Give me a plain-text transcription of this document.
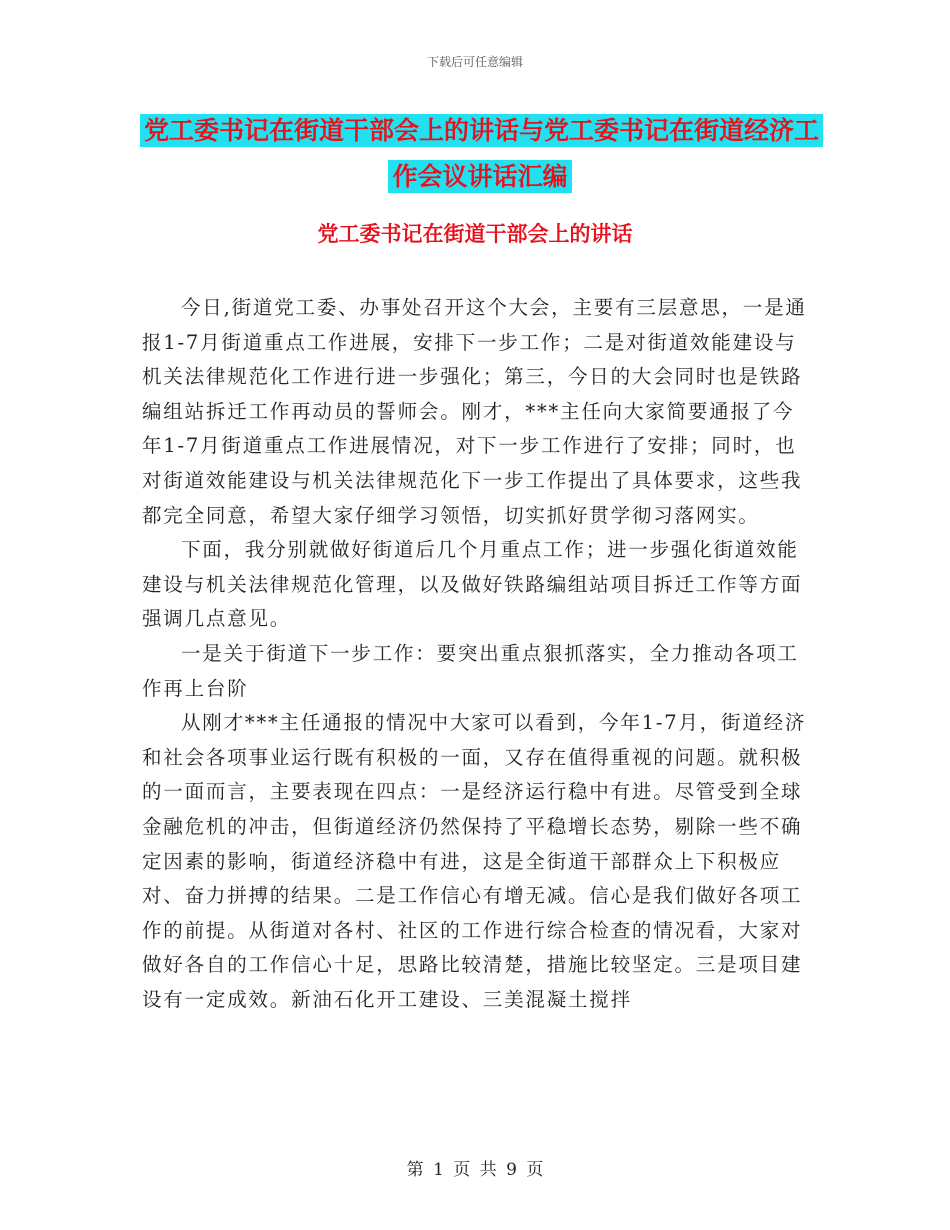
下载后可任意编辑
党工委书记在街道干部会上的讲话与党工委书记在街道经济工作会议讲话汇编
党工委书记在街道干部会上的讲话

今日,街道党工委、办事处召开这个大会，主要有三层意思，一是通报1-7月街道重点工作进展，安排下一步工作；二是对街道效能建设与机关法律规范化工作进行进一步强化；第三，今日的大会同时也是铁路编组站拆迁工作再动员的誓师会。刚才，***主任向大家简要通报了今年1-7月街道重点工作进展情况，对下一步工作进行了安排；同时，也对街道效能建设与机关法律规范化下一步工作提出了具体要求，这些我都完全同意，希望大家仔细学习领悟，切实抓好贯学彻习落网实。

下面，我分别就做好街道后几个月重点工作；进一步强化街道效能建设与机关法律规范化管理，以及做好铁路编组站项目拆迁工作等方面强调几点意见。

一是关于街道下一步工作：要突出重点狠抓落实，全力推动各项工作再上台阶

从刚才***主任通报的情况中大家可以看到，今年1-7月，街道经济和社会各项事业运行既有积极的一面，又存在值得重视的问题。就积极的一面而言，主要表现在四点：一是经济运行稳中有进。尽管受到全球金融危机的冲击，但街道经济仍然保持了平稳增长态势，剔除一些不确定因素的影响，街道经济稳中有进，这是全街道干部群众上下积极应对、奋力拼搏的结果。二是工作信心有增无减。信心是我们做好各项工作的前提。从街道对各村、社区的工作进行综合检查的情况看，大家对做好各自的工作信心十足，思路比较清楚，措施比较坚定。三是项目建设有一定成效。新油石化开工建设、三美混凝土搅拌

第 1 页 共 9 页
